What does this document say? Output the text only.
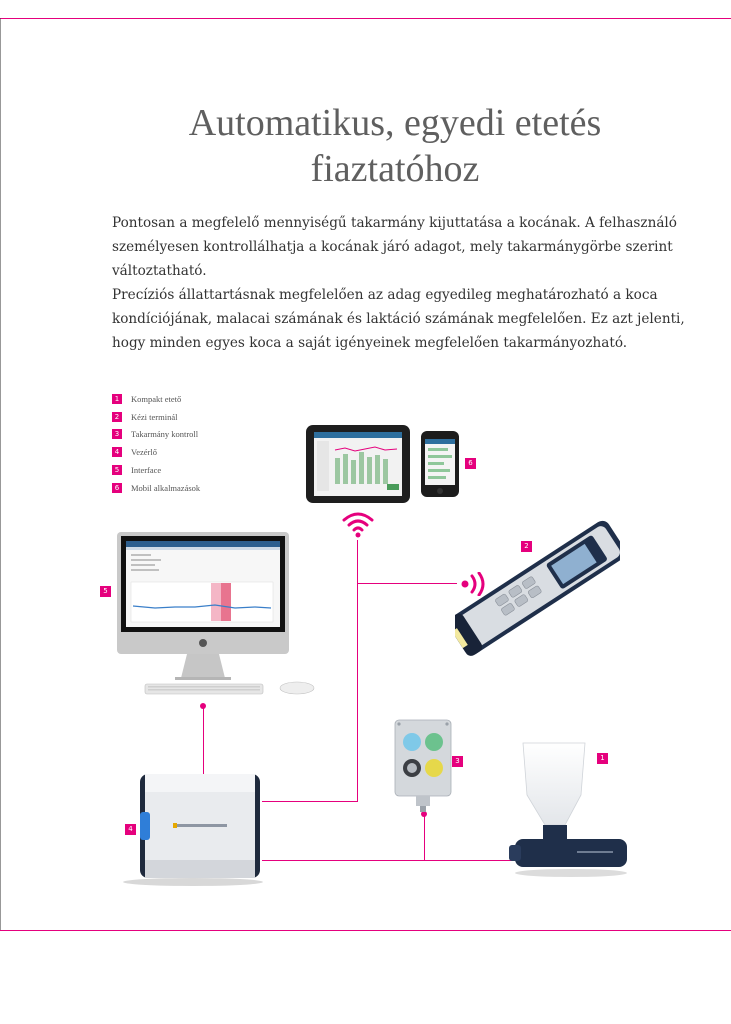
Automatikus, egyedi etetés
fiaztatóhoz

Pontosan a megfelelő mennyiségű takarmány kijuttatása a kocának. A felhasználó személyesen kontrollálhatja a kocának járó adagot, mely takarmánygörbe szerint változtatható.

Precíziós állattartásnak megfelelően az adag egyedileg meghatározható a koca kondíciójának, malacai számának és laktáció számának megfelelően. Ez azt jelenti, hogy minden egyes koca a saját igényeinek megfelelően takarmányozható.

1	Kompakt etető
2	Kézi terminál
3	Takarmány kontroll
4	Vezérlő
5	Interface
6	Mobil alkalmazások
6
2
5
4
3	1
